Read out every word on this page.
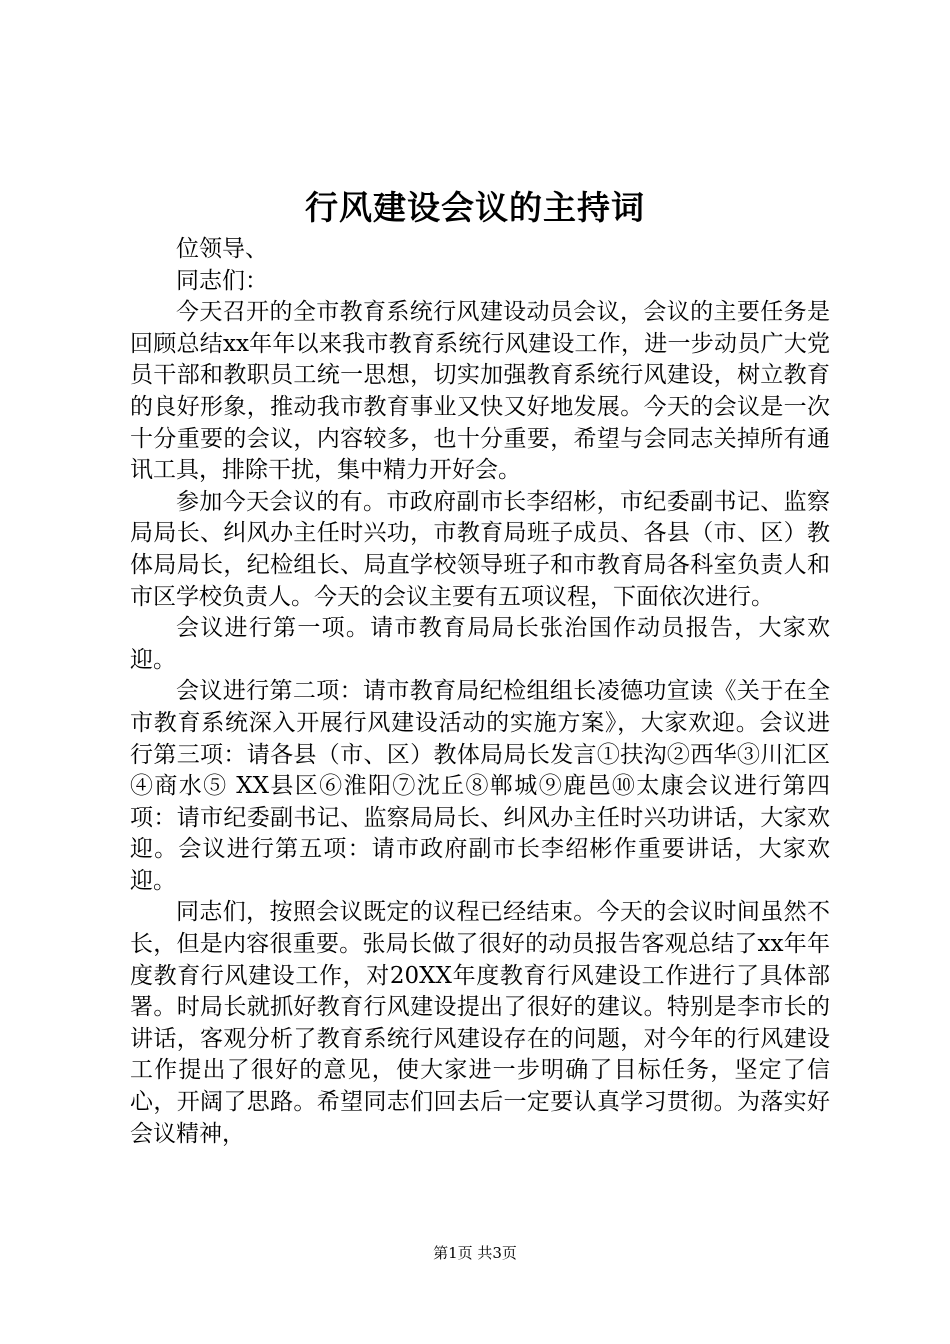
行风建设会议的主持词

位领导、

同志们：

今天召开的全市教育系统行风建设动员会议，会议的主要任务是回顾总结xx年年以来我市教育系统行风建设工作，进一步动员广大党员干部和教职员工统一思想，切实加强教育系统行风建设，树立教育的良好形象，推动我市教育事业又快又好地发展。今天的会议是一次十分重要的会议，内容较多，也十分重要，希望与会同志关掉所有通讯工具，排除干扰，集中精力开好会。

参加今天会议的有。市政府副市长李绍彬，市纪委副书记、监察局局长、纠风办主任时兴功，市教育局班子成员、各县（市、区）教体局局长，纪检组长、局直学校领导班子和市教育局各科室负责人和市区学校负责人。今天的会议主要有五项议程，下面依次进行。

会议进行第一项。请市教育局局长张治国作动员报告，大家欢迎。

会议进行第二项：请市教育局纪检组组长凌德功宣读《关于在全市教育系统深入开展行风建设活动的实施方案》，大家欢迎。会议进行第三项：请各县（市、区）教体局局长发言①扶沟②西华③川汇区④商水⑤ XX县区⑥淮阳⑦沈丘⑧郸城⑨鹿邑⑩太康会议进行第四项：请市纪委副书记、监察局局长、纠风办主任时兴功讲话，大家欢迎。会议进行第五项：请市政府副市长李绍彬作重要讲话，大家欢迎。

同志们，按照会议既定的议程已经结束。今天的会议时间虽然不长，但是内容很重要。张局长做了很好的动员报告客观总结了xx年年度教育行风建设工作，对20XX年度教育行风建设工作进行了具体部署。时局长就抓好教育行风建设提出了很好的建议。特别是李市长的讲话，客观分析了教育系统行风建设存在的问题，对今年的行风建设工作提出了很好的意见，使大家进一步明确了目标任务，坚定了信心，开阔了思路。希望同志们回去后一定要认真学习贯彻。为落实好会议精神，

第1页 共3页
